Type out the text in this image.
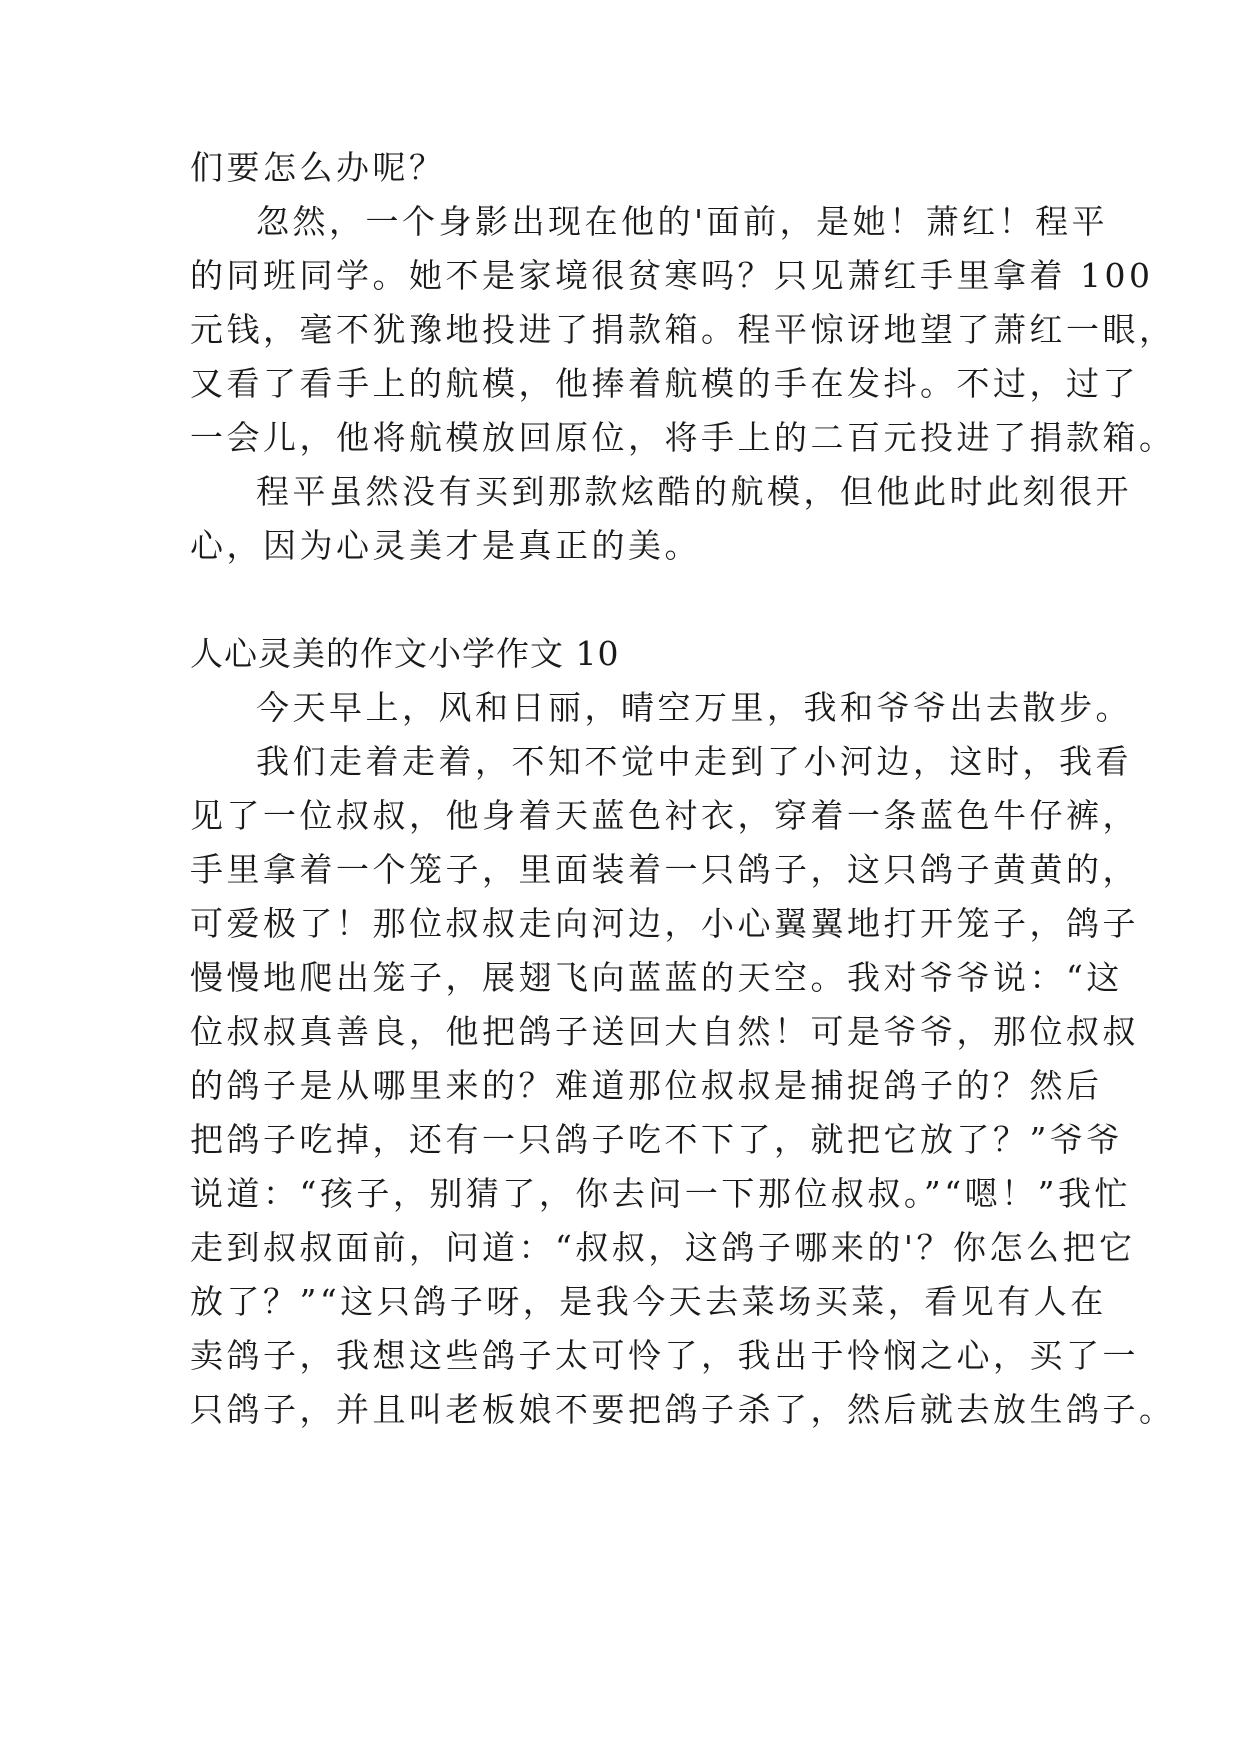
们要怎么办呢？
忽然，一个身影出现在他的'面前，是她！萧红！程平
的同班同学。她不是家境很贫寒吗？只见萧红手里拿着 100
元钱，毫不犹豫地投进了捐款箱。程平惊讶地望了萧红一眼，
又看了看手上的航模，他捧着航模的手在发抖。不过，过了
一会儿，他将航模放回原位，将手上的二百元投进了捐款箱。
程平虽然没有买到那款炫酷的航模，但他此时此刻很开
心，因为心灵美才是真正的美。
人心灵美的作文小学作文 10
今天早上，风和日丽，晴空万里，我和爷爷出去散步。
我们走着走着，不知不觉中走到了小河边，这时，我看
见了一位叔叔，他身着天蓝色衬衣，穿着一条蓝色牛仔裤，
手里拿着一个笼子，里面装着一只鸽子，这只鸽子黄黄的，
可爱极了！那位叔叔走向河边，小心翼翼地打开笼子，鸽子
慢慢地爬出笼子，展翅飞向蓝蓝的天空。我对爷爷说：“这
位叔叔真善良，他把鸽子送回大自然！可是爷爷，那位叔叔
的鸽子是从哪里来的？难道那位叔叔是捕捉鸽子的？然后
把鸽子吃掉，还有一只鸽子吃不下了，就把它放了？”爷爷
说道：“孩子，别猜了，你去问一下那位叔叔。”“嗯！”我忙
走到叔叔面前，问道：“叔叔，这鸽子哪来的'？你怎么把它
放了？”“这只鸽子呀，是我今天去菜场买菜，看见有人在
卖鸽子，我想这些鸽子太可怜了，我出于怜悯之心，买了一
只鸽子，并且叫老板娘不要把鸽子杀了，然后就去放生鸽子。
